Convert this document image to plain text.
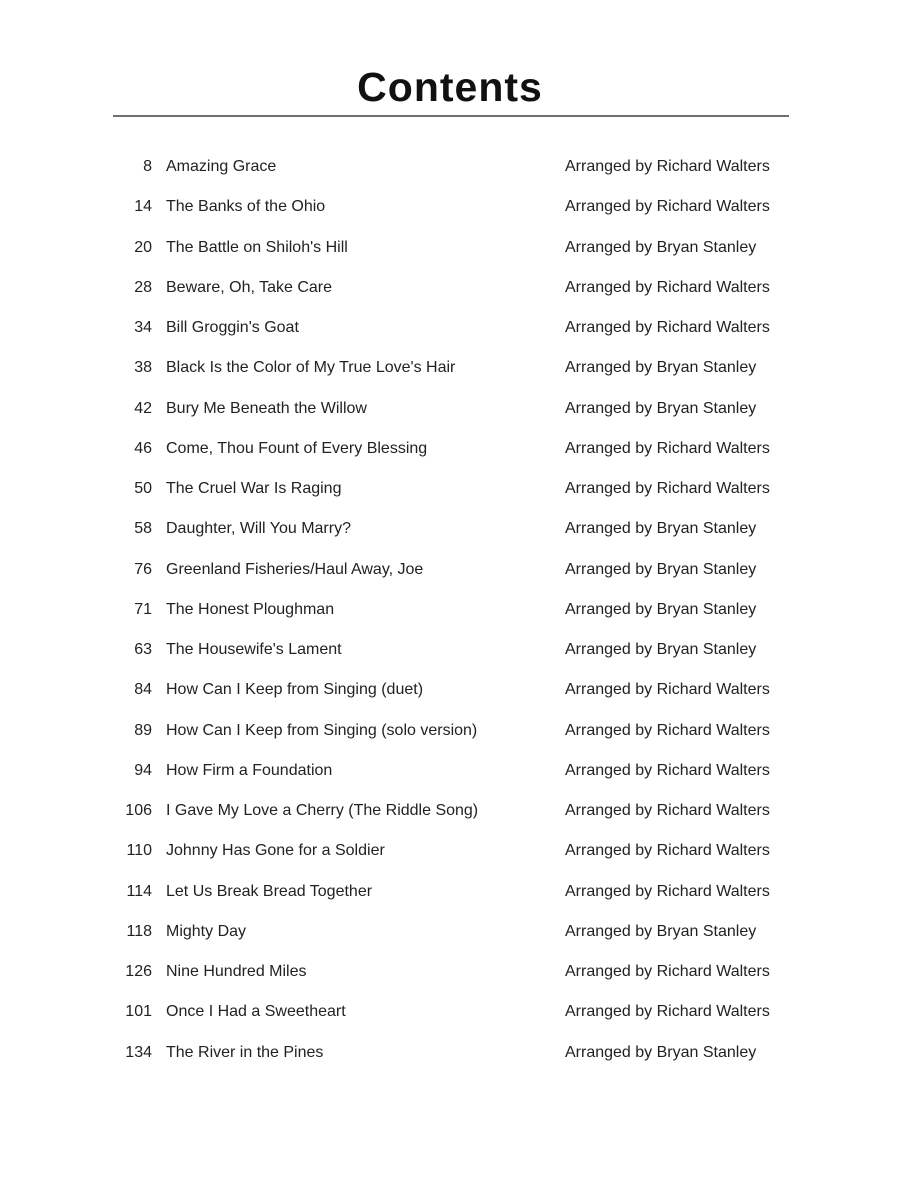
Contents
8 Amazing Grace	Arranged by Richard Walters
14 The Banks of the Ohio	Arranged by Richard Walters
20 The Battle on Shiloh's Hill	Arranged by Bryan Stanley
28 Beware, Oh, Take Care	Arranged by Richard Walters
34 Bill Groggin's Goat	Arranged by Richard Walters
38 Black Is the Color of My True Love's Hair	Arranged by Bryan Stanley
42 Bury Me Beneath the Willow	Arranged by Bryan Stanley
46 Come, Thou Fount of Every Blessing	Arranged by Richard Walters
50 The Cruel War Is Raging	Arranged by Richard Walters
58 Daughter, Will You Marry?	Arranged by Bryan Stanley
76 Greenland Fisheries/Haul Away, Joe	Arranged by Bryan Stanley
71 The Honest Ploughman	Arranged by Bryan Stanley
63 The Housewife's Lament	Arranged by Bryan Stanley
84 How Can I Keep from Singing (duet)	Arranged by Richard Walters
89 How Can I Keep from Singing (solo version)	Arranged by Richard Walters
94 How Firm a Foundation	Arranged by Richard Walters
106 I Gave My Love a Cherry (The Riddle Song)	Arranged by Richard Walters
110 Johnny Has Gone for a Soldier	Arranged by Richard Walters
114 Let Us Break Bread Together	Arranged by Richard Walters
118 Mighty Day	Arranged by Bryan Stanley
126 Nine Hundred Miles	Arranged by Richard Walters
101 Once I Had a Sweetheart	Arranged by Richard Walters
134 The River in the Pines	Arranged by Bryan Stanley
